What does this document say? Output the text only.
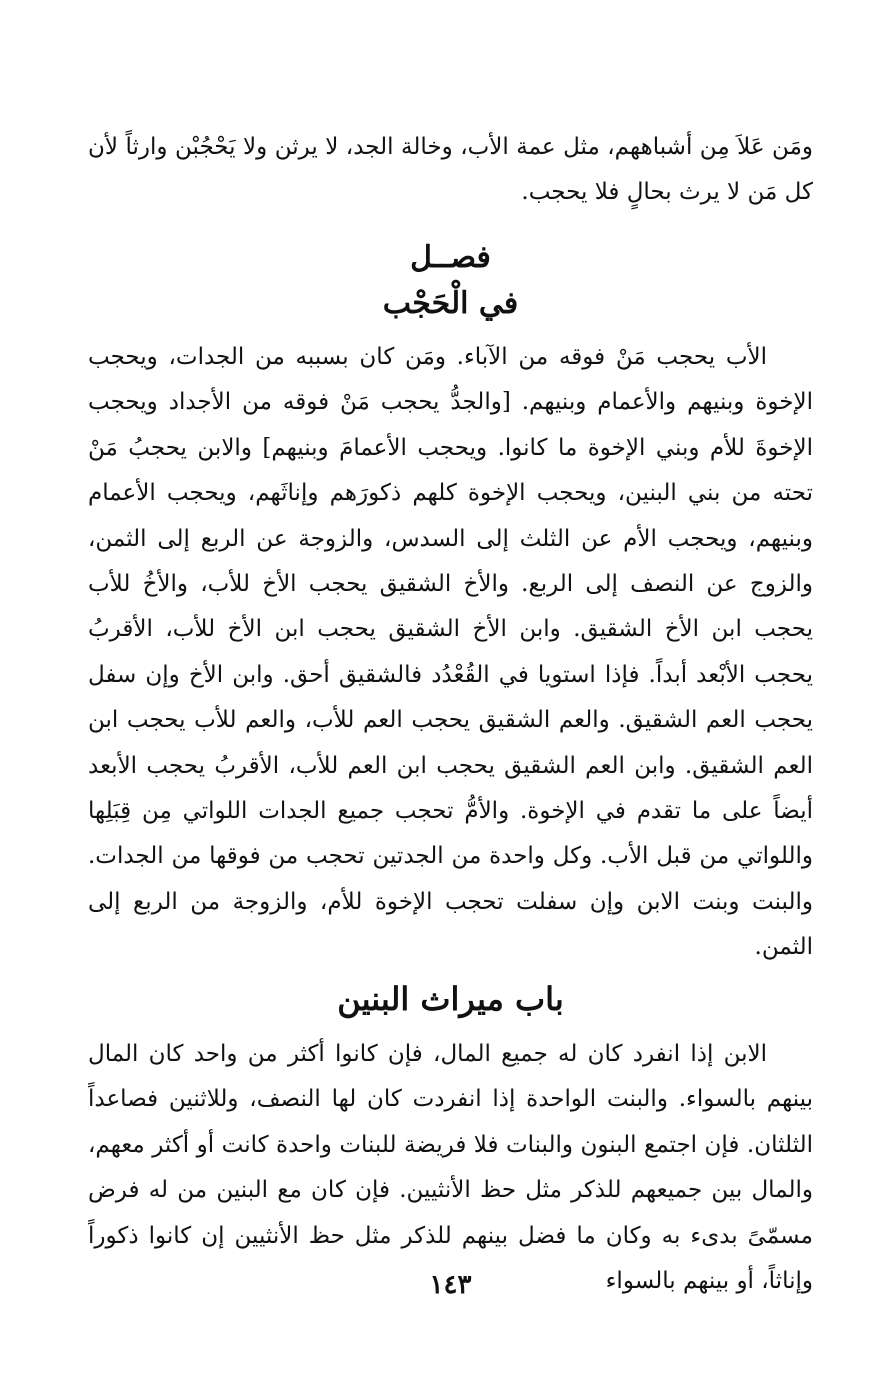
ومَن عَلاَ مِن أشباههم، مثل عمة الأب، وخالة الجد، لا يرثن ولا يَحْجُبْن وارثاً لأن كل مَن لا يرث بحالٍ فلا يحجب.

فصــل
في الْحَجْب

الأب يحجب مَنْ فوقه من الآباء. ومَن كان بسببه من الجدات، ويحجب الإخوة وبنيهم والأعمام وبنيهم. [والجدُّ يحجب مَنْ فوقه من الأجداد ويحجب الإخوةَ للأم وبني الإخوة ما كانوا. ويحجب الأعمامَ وبنيهم] والابن يحجبُ مَنْ تحته من بني البنين، ويحجب الإخوة كلهم ذكورَهم وإناثَهم، ويحجب الأعمام وبنيهم، ويحجب الأم عن الثلث إلى السدس، والزوجة عن الربع إلى الثمن، والزوج عن النصف إلى الربع. والأخ الشقيق يحجب الأخ للأب، والأخُ للأب يحجب ابن الأخ الشقيق. وابن الأخ الشقيق يحجب ابن الأخ للأب، الأقربُ يحجب الأبْعد أبداً. فإذا استويا في القُعْدُد فالشقيق أحق. وابن الأخ وإن سفل يحجب العم الشقيق. والعم الشقيق يحجب العم للأب، والعم للأب يحجب ابن العم الشقيق. وابن العم الشقيق يحجب ابن العم للأب، الأقربُ يحجب الأبعد أيضاً على ما تقدم في الإخوة. والأمُّ تحجب جميع الجدات اللواتي مِن قِبَلِها واللواتي من قبل الأب. وكل واحدة من الجدتين تحجب من فوقها من الجدات. والبنت وبنت الابن وإن سفلت تحجب الإخوة للأم، والزوجة من الربع إلى الثمن.

باب ميراث البنين

الابن إذا انفرد كان له جميع المال، فإن كانوا أكثر من واحد كان المال بينهم بالسواء. والبنت الواحدة إذا انفردت كان لها النصف، وللاثنين فصاعداً الثلثان. فإن اجتمع البنون والبنات فلا فريضة للبنات واحدة كانت أو أكثر معهم، والمال بين جميعهم للذكر مثل حظ الأنثيين. فإن كان مع البنين من له فرض مسمّىً بدىء به وكان ما فضل بينهم للذكر مثل حظ الأنثيين إن كانوا ذكوراً وإناثاً، أو بينهم بالسواء

١٤٣
